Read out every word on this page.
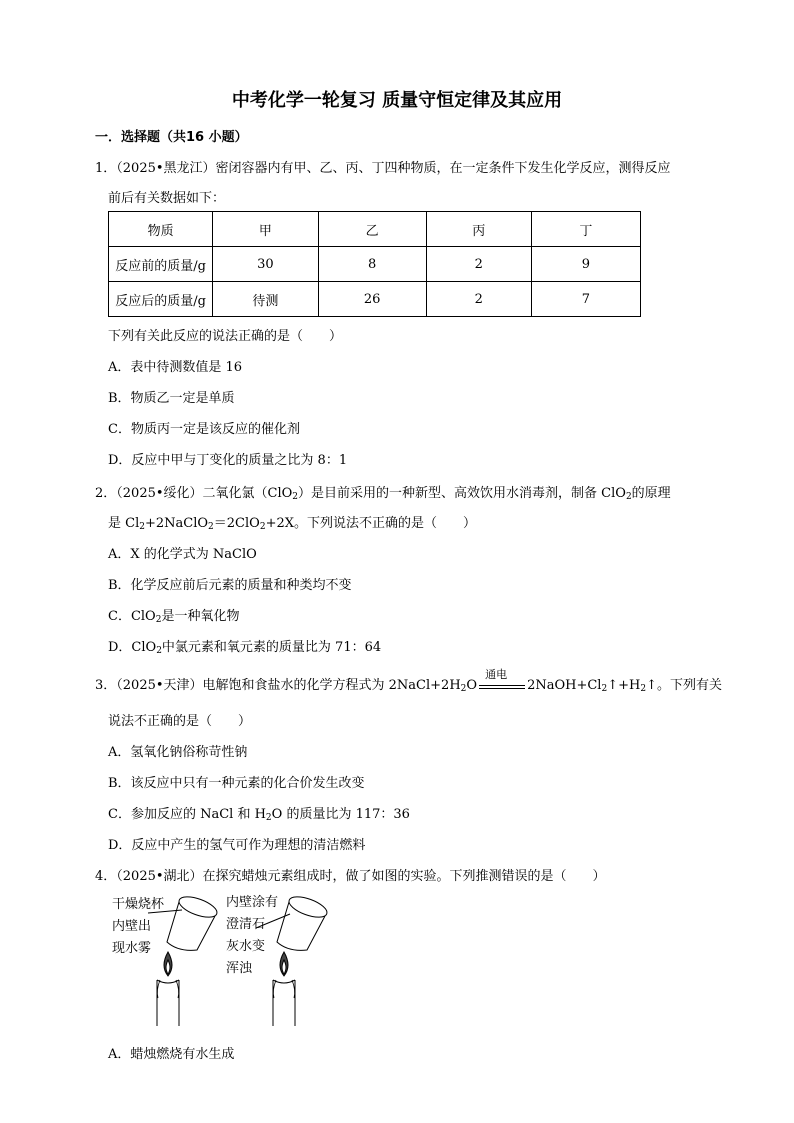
中考化学一轮复习 质量守恒定律及其应用
一．选择题（共16 小题）
1．（2025•黑龙江）密闭容器内有甲、乙、丙、丁四种物质，在一定条件下发生化学反应，测得反应
前后有关数据如下：
物质	甲	乙	丙	丁
反应前的质量/g	30	8	2	9
反应后的质量/g	待测	26	2	7
下列有关此反应的说法正确的是（　　）
A．表中待测数值是 16
B．物质乙一定是单质
C．物质丙一定是该反应的催化剂
D．反应中甲与丁变化的质量之比为 8：1
2．（2025•绥化）二氧化氯（ClO$_2$）是目前采用的一种新型、高效饮用水消毒剂，制备 ClO$_2$的原理
是 $Cl_2+2NaClO_2=2ClO_2+2X$。下列说法不正确的是（　　）
A．X 的化学式为 NaClO
B．化学反应前后元素的质量和种类均不变
C．ClO$_2$是一种氧化物
D．ClO$_2$中氯元素和氧元素的质量比为 71：64
3．（2025•天津）电解饱和食盐水的化学方程式为 $2NaCl+2H_2O$
通电
$2NaOH+Cl_2↑+H_2↑$。下列有关
说法不正确的是（　　）
A．氢氧化钠俗称苛性钠
B．该反应中只有一种元素的化合价发生改变
C．参加反应的 NaCl 和 $H_2O$ 的质量比为 117：36
D．反应中产生的氢气可作为理想的清洁燃料
4．（2025•湖北）在探究蜡烛元素组成时，做了如图的实验。下列推测错误的是（　　）
干燥烧杯
内壁出
现水雾
内壁涂有
澄清石
灰水变
浑浊
A．蜡烛燃烧有水生成
